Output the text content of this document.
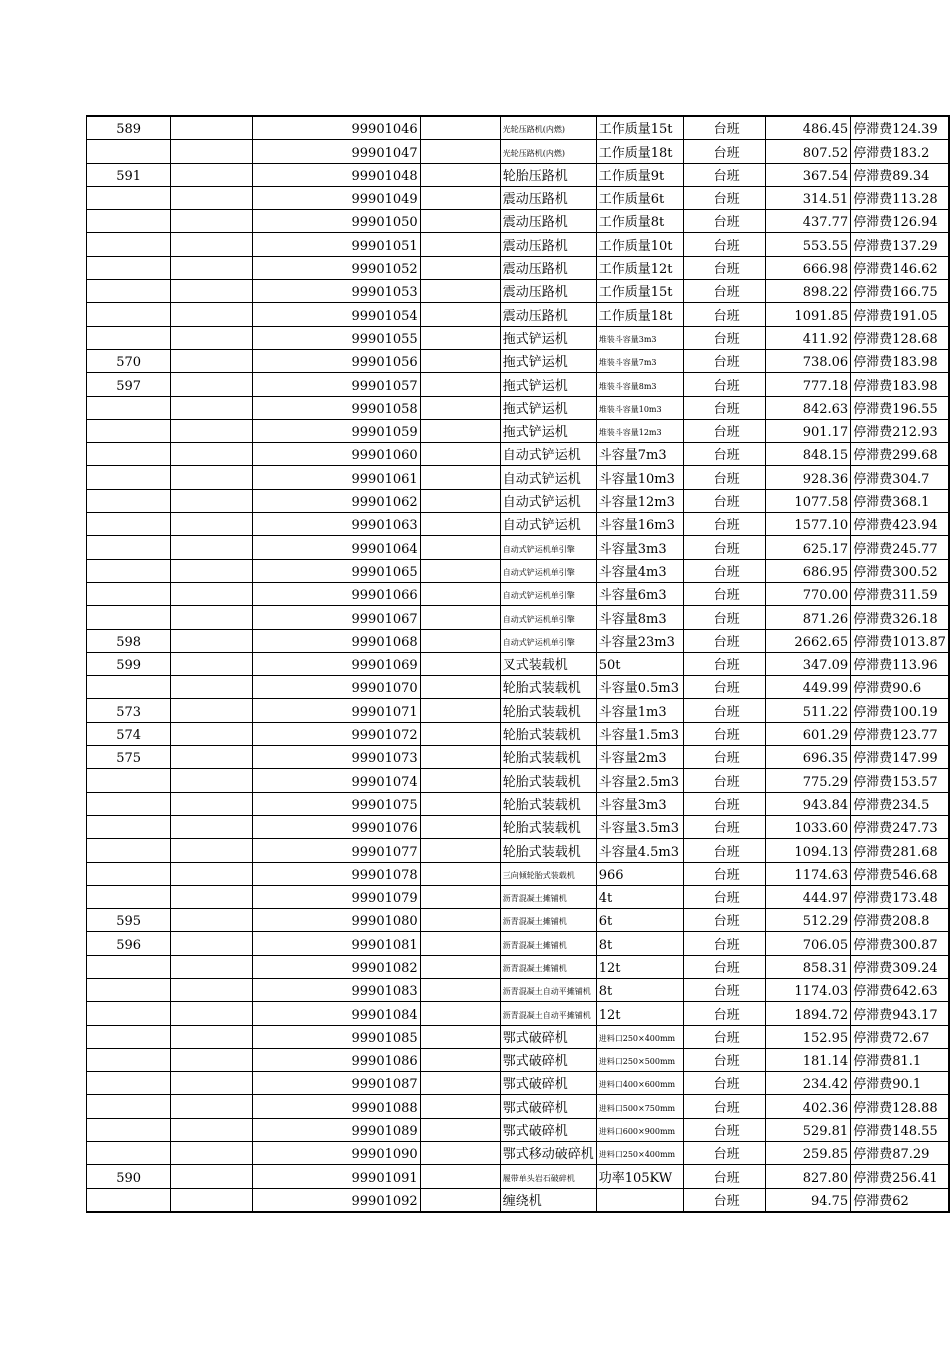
589		99901046		光轮压路机(内燃)	工作质量15t	台班	486.45	停滞费124.39
		99901047		光轮压路机(内燃)	工作质量18t	台班	807.52	停滞费183.2
591		99901048		轮胎压路机	工作质量9t	台班	367.54	停滞费89.34
		99901049		震动压路机	工作质量6t	台班	314.51	停滞费113.28
		99901050		震动压路机	工作质量8t	台班	437.77	停滞费126.94
		99901051		震动压路机	工作质量10t	台班	553.55	停滞费137.29
		99901052		震动压路机	工作质量12t	台班	666.98	停滞费146.62
		99901053		震动压路机	工作质量15t	台班	898.22	停滞费166.75
		99901054		震动压路机	工作质量18t	台班	1091.85	停滞费191.05
		99901055		拖式铲运机	堆装斗容量3m3	台班	411.92	停滞费128.68
570		99901056		拖式铲运机	堆装斗容量7m3	台班	738.06	停滞费183.98
597		99901057		拖式铲运机	堆装斗容量8m3	台班	777.18	停滞费183.98
		99901058		拖式铲运机	堆装斗容量10m3	台班	842.63	停滞费196.55
		99901059		拖式铲运机	堆装斗容量12m3	台班	901.17	停滞费212.93
		99901060		自动式铲运机	斗容量7m3	台班	848.15	停滞费299.68
		99901061		自动式铲运机	斗容量10m3	台班	928.36	停滞费304.7
		99901062		自动式铲运机	斗容量12m3	台班	1077.58	停滞费368.1
		99901063		自动式铲运机	斗容量16m3	台班	1577.10	停滞费423.94
		99901064		自动式铲运机单引擎	斗容量3m3	台班	625.17	停滞费245.77
		99901065		自动式铲运机单引擎	斗容量4m3	台班	686.95	停滞费300.52
		99901066		自动式铲运机单引擎	斗容量6m3	台班	770.00	停滞费311.59
		99901067		自动式铲运机单引擎	斗容量8m3	台班	871.26	停滞费326.18
598		99901068		自动式铲运机单引擎	斗容量23m3	台班	2662.65	停滞费1013.87
599		99901069		叉式装载机	50t	台班	347.09	停滞费113.96
		99901070		轮胎式装载机	斗容量0.5m3	台班	449.99	停滞费90.6
573		99901071		轮胎式装载机	斗容量1m3	台班	511.22	停滞费100.19
574		99901072		轮胎式装载机	斗容量1.5m3	台班	601.29	停滞费123.77
575		99901073		轮胎式装载机	斗容量2m3	台班	696.35	停滞费147.99
		99901074		轮胎式装载机	斗容量2.5m3	台班	775.29	停滞费153.57
		99901075		轮胎式装载机	斗容量3m3	台班	943.84	停滞费234.5
		99901076		轮胎式装载机	斗容量3.5m3	台班	1033.60	停滞费247.73
		99901077		轮胎式装载机	斗容量4.5m3	台班	1094.13	停滞费281.68
		99901078		三向倾轮胎式装载机	966	台班	1174.63	停滞费546.68
		99901079		沥青混凝土摊铺机	4t	台班	444.97	停滞费173.48
595		99901080		沥青混凝土摊铺机	6t	台班	512.29	停滞费208.8
596		99901081		沥青混凝土摊铺机	8t	台班	706.05	停滞费300.87
		99901082		沥青混凝土摊铺机	12t	台班	858.31	停滞费309.24
		99901083		沥青混凝土自动平摊铺机	8t	台班	1174.03	停滞费642.63
		99901084		沥青混凝土自动平摊铺机	12t	台班	1894.72	停滞费943.17
		99901085		鄂式破碎机	进料口250×400mm	台班	152.95	停滞费72.67
		99901086		鄂式破碎机	进料口250×500mm	台班	181.14	停滞费81.1
		99901087		鄂式破碎机	进料口400×600mm	台班	234.42	停滞费90.1
		99901088		鄂式破碎机	进料口500×750mm	台班	402.36	停滞费128.88
		99901089		鄂式破碎机	进料口600×900mm	台班	529.81	停滞费148.55
		99901090		鄂式移动破碎机	进料口250×400mm	台班	259.85	停滞费87.29
590		99901091		履带单头岩石破碎机	功率105KW	台班	827.80	停滞费256.41
		99901092		缠绕机		台班	94.75	停滞费62
